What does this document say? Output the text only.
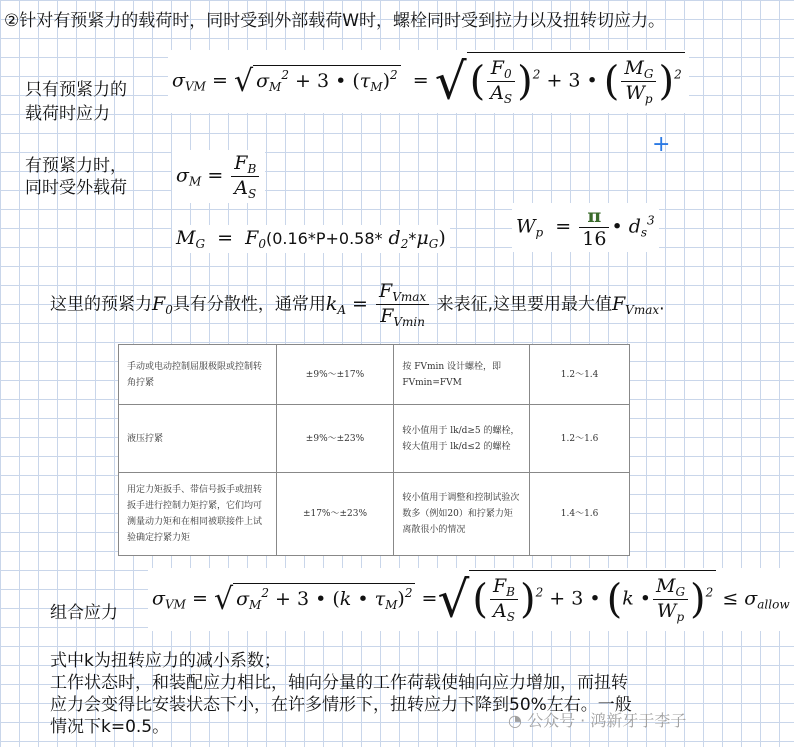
②针对有预紧力的载荷时，同时受到外部载荷W时，螺栓同时受到拉力以及扭转切应力。
只有预紧力的
载荷时应力
$\sigma_{VM}$ = √ $\sigma_M^2 + 3$ • $(\tau_M)^2$  = √( $\frac{F_0}{A_S} )^2 + 3$ • ( $\frac{M_G}{W_p} )^2$
有预紧力时，
同时受外载荷
$\sigma_M = \frac{F_B}{A_S}$
+
$M_G = F_0(0.16*P+0.58*$ $d_2*\mu_G$)
$W_p = \frac{\pi}{16}$ • $d_s^3$
这里的预紧力$F_0$具有分散性，通常用$k_A = \frac{F_{Vmax}}{F_{Vmin}}$ 来表征,这里要用最大值$F_{Vmax}$.
手动或电动控制屈服极限或控制转角拧紧	±9%～±17%	按 FVmin 设计螺栓，即 FVmin=FVM	1.2～1.4
液压拧紧	±9%～±23%	较小值用于 lk/d≥5 的螺栓，较大值用于 lk/d≤2 的螺栓	1.2～1.6
用定力矩扳手、带信号扳手或扭转扳手进行控制力矩拧紧，它们均可测量动力矩和在相同被联接件上试验确定拧紧力矩	±17%～±23%	较小值用于调整和控制试验次数多（例如20）和拧紧力矩离散很小的情况	1.4～1.6
组合应力
$\sigma_{VM}$ = √ $\sigma_M^2 + 3$ • (k • $\tau_M)^2$ =√( $\frac{F_B}{A_S} )^2 + 3$ • (k • $\frac{M_G}{W_p} )^2 \le \sigma_{allow}$
式中k为扭转应力的减小系数；
工作状态时，和装配应力相比，轴向分量的工作荷载使轴向应力增加，而扭转
应力会变得比安装状态下小，在许多情形下，扭转应力下降到50%左右。一般
情况下k=0.5。	◔ 公众号 · 鸿新牙于李子
